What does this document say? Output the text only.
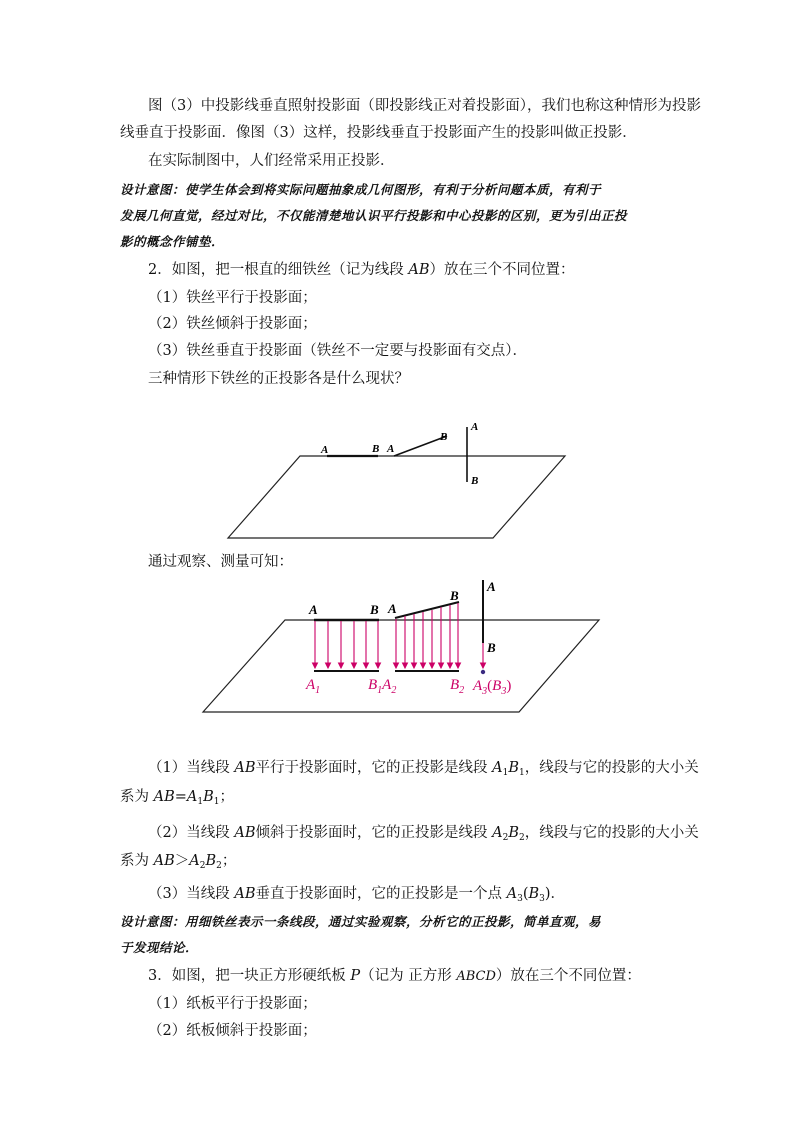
图（3）中投影线垂直照射投影面（即投影线正对着投影面），我们也称这种情形为投影
线垂直于投影面．像图（3）这样，投影线垂直于投影面产生的投影叫做正投影．
在实际制图中，人们经常采用正投影．
设计意图：使学生体会到将实际问题抽象成几何图形，有利于分析问题本质，有利于
发展几何直觉，经过对比，不仅能清楚地认识平行投影和中心投影的区别，更为引出正投
影的概念作铺垫．
2．如图，把一根直的细铁丝（记为线段 AB）放在三个不同位置：
（1）铁丝平行于投影面；
（2）铁丝倾斜于投影面；
（3）铁丝垂直于投影面（铁丝不一定要与投影面有交点）．
三种情形下铁丝的正投影各是什么现状？
A	B A
B
A
B
通过观察、测量可知：
A	B A
B
A
B
$A_1$	$B_1A_2$	$B_2$ $A_3(B_3)$
（1）当线段 AB平行于投影面时，它的正投影是线段 $A_1B_1$，线段与它的投影的大小关
系为 $AB=A_1B_1$；
（2）当线段 AB倾斜于投影面时，它的正投影是线段 $A_2B_2$，线段与它的投影的大小关
系为 $AB>A_2B_2$；
（3）当线段 AB垂直于投影面时，它的正投影是一个点 $A_3(B_3)$．
设计意图：用细铁丝表示一条线段，通过实验观察，分析它的正投影，简单直观，易
于发现结论．
3．如图，把一块正方形硬纸板 P（记为 正方形 ABCD）放在三个不同位置：
（1）纸板平行于投影面；
（2）纸板倾斜于投影面；
